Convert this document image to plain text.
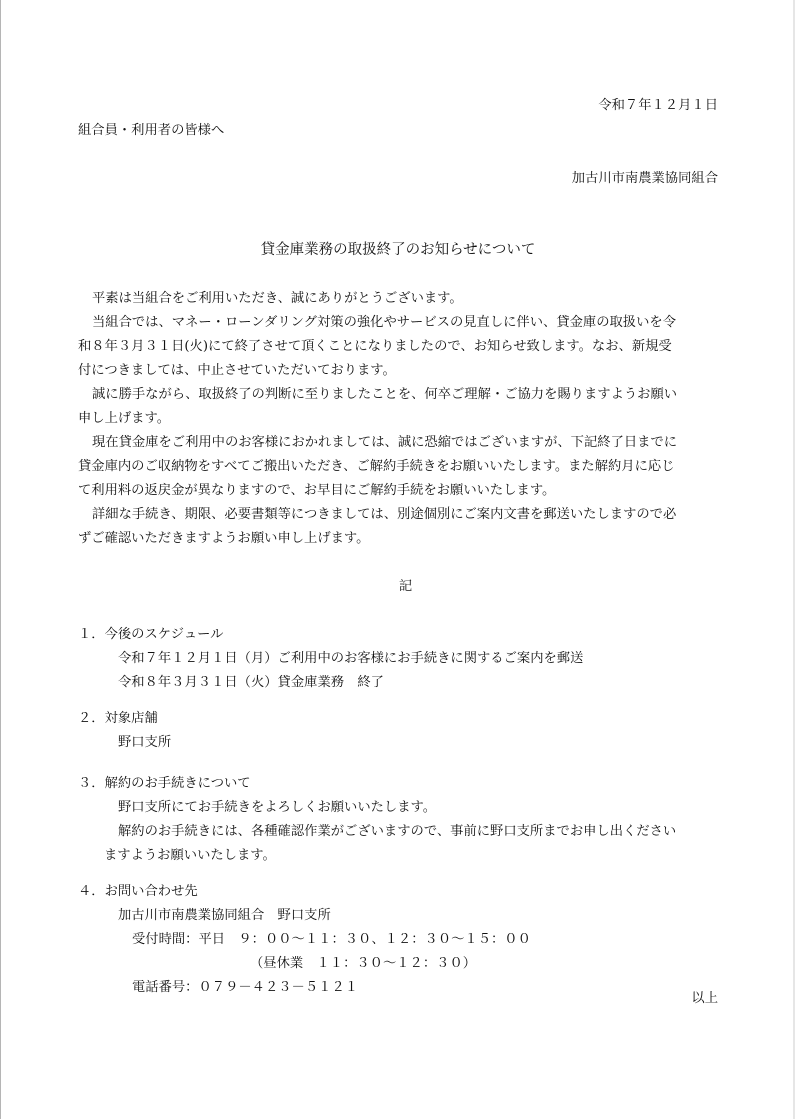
令和７年１２月１日
組合員・利用者の皆様へ
加古川市南農業協同組合
貸金庫業務の取扱終了のお知らせについて
平素は当組合をご利用いただき、誠にありがとうございます。
当組合では、マネー・ローンダリング対策の強化やサービスの見直しに伴い、貸金庫の取扱いを令
和８年３月３１日(火)にて終了させて頂くことになりましたので、お知らせ致します。なお、新規受
付につきましては、中止させていただいております。
誠に勝手ながら、取扱終了の判断に至りましたことを、何卒ご理解・ご協力を賜りますようお願い
申し上げます。
現在貸金庫をご利用中のお客様におかれましては、誠に恐縮ではございますが、下記終了日までに
貸金庫内のご収納物をすべてご搬出いただき、ご解約手続きをお願いいたします。また解約月に応じ
て利用料の返戻金が異なりますので、お早目にご解約手続をお願いいたします。
詳細な手続き、期限、必要書類等につきましては、別途個別にご案内文書を郵送いたしますので必
ずご確認いただきますようお願い申し上げます。
記
１．今後のスケジュール
令和７年１２月１日（月）ご利用中のお客様にお手続きに関するご案内を郵送
令和８年３月３１日（火）貸金庫業務　終了
２．対象店舗
野口支所
３．解約のお手続きについて
野口支所にてお手続きをよろしくお願いいたします。
解約のお手続きには、各種確認作業がございますので、事前に野口支所までお申し出ください
ますようお願いいたします。
４．お問い合わせ先
加古川市南農業協同組合　野口支所
受付時間：平日　９：００～１１：３０、１２：３０～１５：００
（昼休業　１１：３０～１２：３０）
電話番号：０７９－４２３－５１２１
以上
